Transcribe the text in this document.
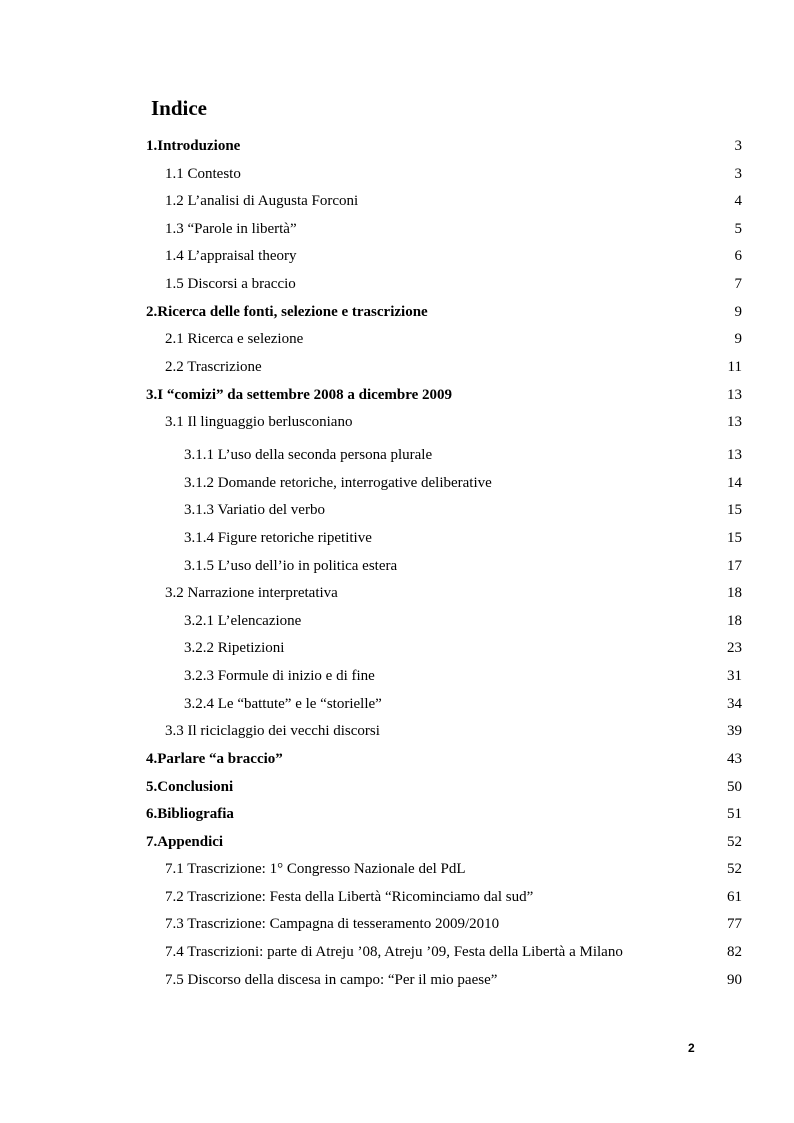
Indice
1.Introduzione	3
1.1 Contesto	3
1.2 L’analisi di Augusta Forconi	4
1.3 “Parole in libertà”	5
1.4 L’appraisal theory	6
1.5 Discorsi a braccio	7
2.Ricerca delle fonti, selezione e trascrizione	9
2.1 Ricerca e selezione	9
2.2 Trascrizione	11
3.I “comizi” da settembre 2008 a dicembre 2009	13
3.1 Il linguaggio berlusconiano	13
3.1.1 L’uso della seconda persona plurale	13
3.1.2 Domande retoriche, interrogative deliberative	14
3.1.3 Variatio del verbo	15
3.1.4 Figure retoriche ripetitive	15
3.1.5 L’uso dell’io in politica estera	17
3.2 Narrazione interpretativa	18
3.2.1 L’elencazione	18
3.2.2 Ripetizioni	23
3.2.3 Formule di inizio e di fine	31
3.2.4 Le “battute” e le “storielle”	34
3.3 Il riciclaggio dei vecchi discorsi	39
4.Parlare “a braccio”	43
5.Conclusioni	50
6.Bibliografia	51
7.Appendici	52
7.1 Trascrizione: 1° Congresso Nazionale del PdL	52
7.2 Trascrizione: Festa della Libertà “Ricominciamo dal sud”	61
7.3 Trascrizione: Campagna di tesseramento 2009/2010	77
7.4 Trascrizioni: parte di Atreju ’08, Atreju ’09, Festa della Libertà a Milano	82
7.5 Discorso della discesa in campo: “Per il mio paese”	90
2
